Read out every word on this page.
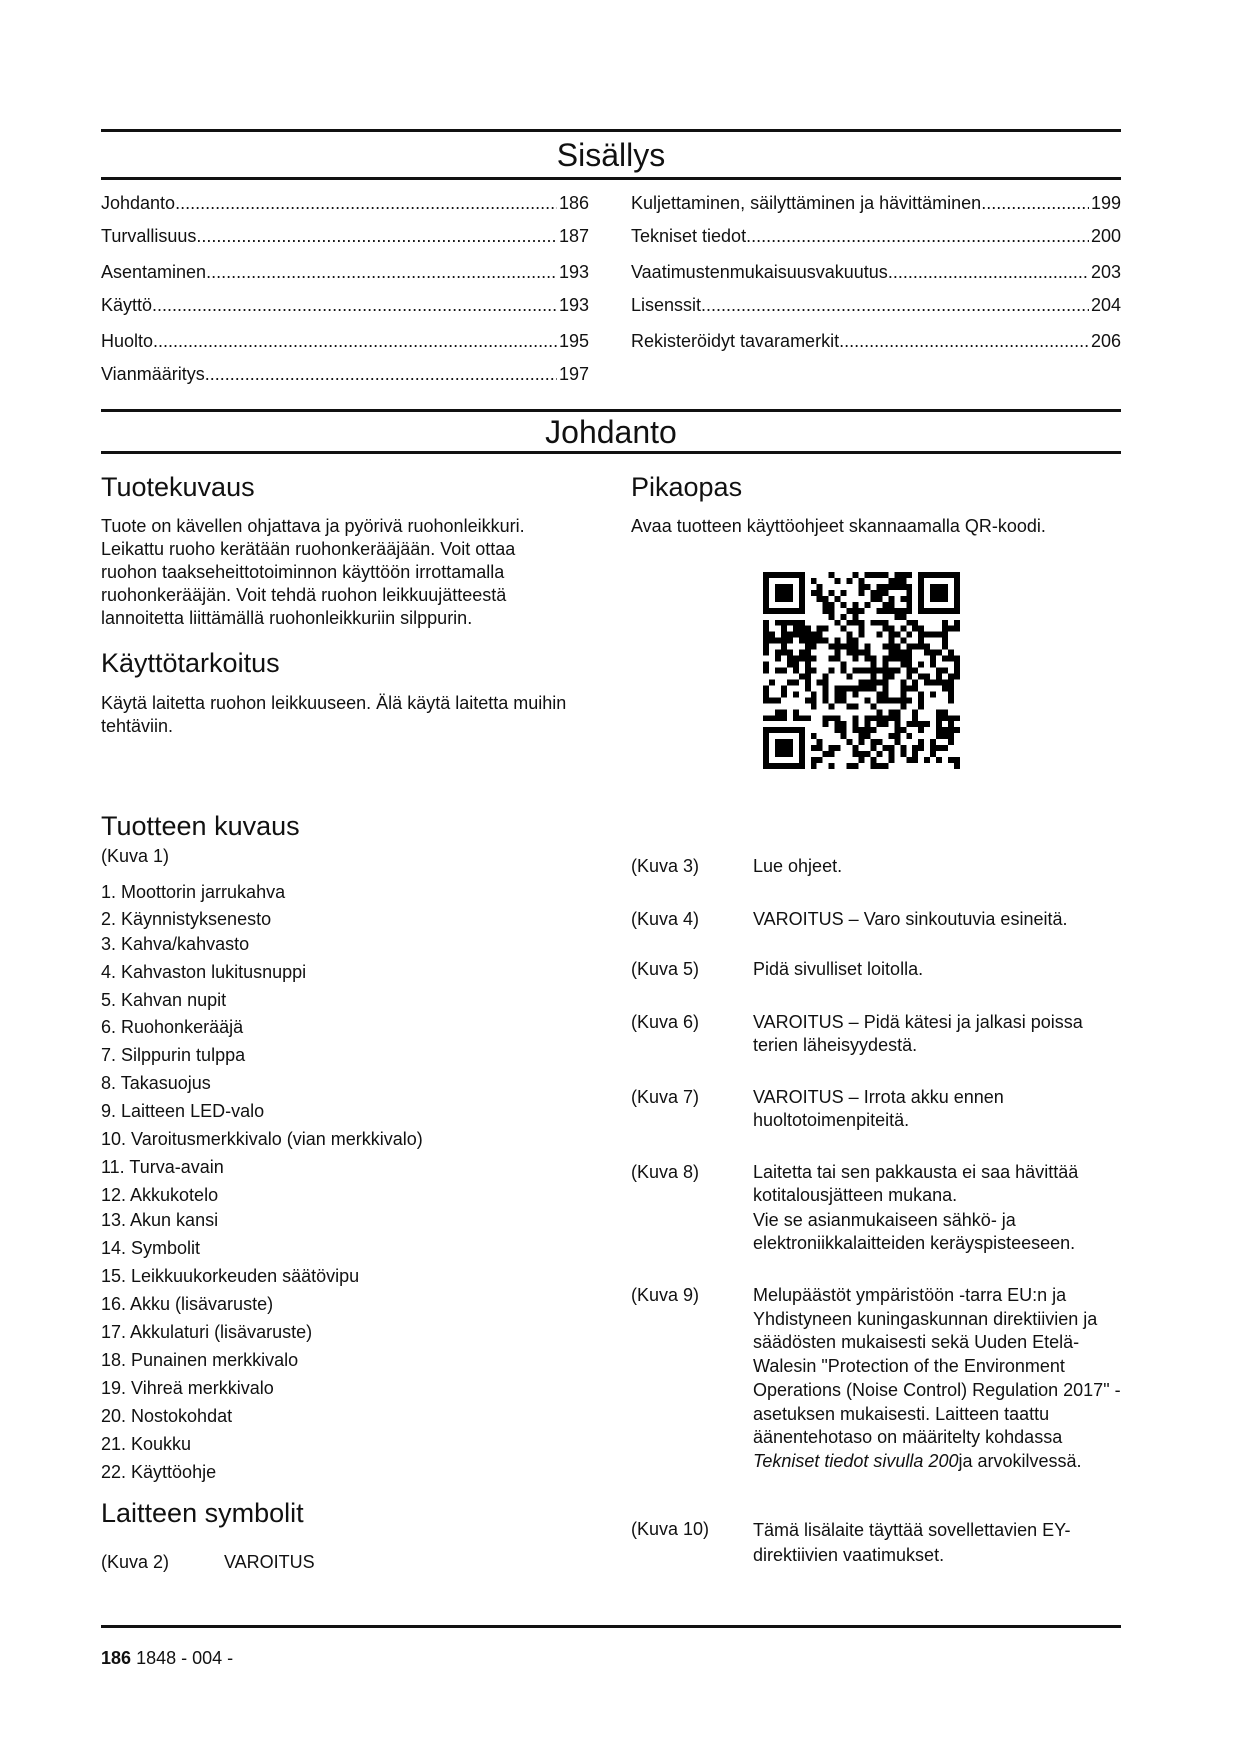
Sisällys
Johdanto .....	186
Turvallisuus .....	187
Asentaminen .....	193
Käyttö .....	193
Huolto .....	195
Vianmääritys .....	197
Kuljettaminen, säilyttäminen ja hävittäminen .....	199
Tekniset tiedot .....	200
Vaatimustenmukaisuusvakuutus .....	203
Lisenssit .....	204
Rekisteröidyt tavaramerkit .....	206
Johdanto
Tuotekuvaus
Tuote on kävellen ohjattava ja pyörivä ruohonleikkuri. Leikattu ruoho kerätään ruohonkerääjään. Voit ottaa ruohon taakseheittotoiminnon käyttöön irrottamalla ruohonkerääjän. Voit tehdä ruohon leikkuujätteestä lannoitetta liittämällä ruohonleikkuriin silppurin.
Käyttötarkoitus
Käytä laitetta ruohon leikkuuseen. Älä käytä laitetta muihin tehtäviin.
Pikaopas
Avaa tuotteen käyttöohjeet skannaamalla QR-koodi.
Tuotteen kuvaus
(Kuva 1)
1. Moottorin jarrukahva
2. Käynnistyksenesto
3. Kahva/kahvasto
4. Kahvaston lukitusnuppi
5. Kahvan nupit
6. Ruohonkerääjä
7. Silppurin tulppa
8. Takasuojus
9. Laitteen LED-valo
10. Varoitusmerkkivalo (vian merkkivalo)
11. Turva-avain
12. Akkukotelo
13. Akun kansi
14. Symbolit
15. Leikkuukorkeuden säätövipu
16. Akku (lisävaruste)
17. Akkulaturi (lisävaruste)
18. Punainen merkkivalo
19. Vihreä merkkivalo
20. Nostokohdat
21. Koukku
22. Käyttöohje
Laitteen symbolit
(Kuva 2)	VAROITUS
(Kuva 3)	Lue ohjeet.
(Kuva 4)	VAROITUS – Varo sinkoutuvia esineitä.
(Kuva 5)	Pidä sivulliset loitolla.
(Kuva 6)	VAROITUS – Pidä kätesi ja jalkasi poissa terien läheisyydestä.
(Kuva 7)	VAROITUS – Irrota akku ennen huoltotoimenpiteitä.
(Kuva 8)	Laitetta tai sen pakkausta ei saa hävittää kotitalousjätteen mukana.
Vie se asianmukaiseen sähkö- ja elektroniikkalaitteiden keräyspisteeseen.
(Kuva 9)	Melupäästöt ympäristöön -tarra EU:n ja Yhdistyneen kuningaskunnan direktiivien ja säädösten mukaisesti sekä Uuden Etelä-Walesin "Protection of the Environment Operations (Noise Control) Regulation 2017" -asetuksen mukaisesti. Laitteen taattu äänentehotaso on määritelty kohdassa Tekniset tiedot sivulla 200ja arvokilvessä.
(Kuva 10) Tämä lisälaite täyttää sovellettavien EY-direktiivien vaatimukset.
186 1848 - 004 -
